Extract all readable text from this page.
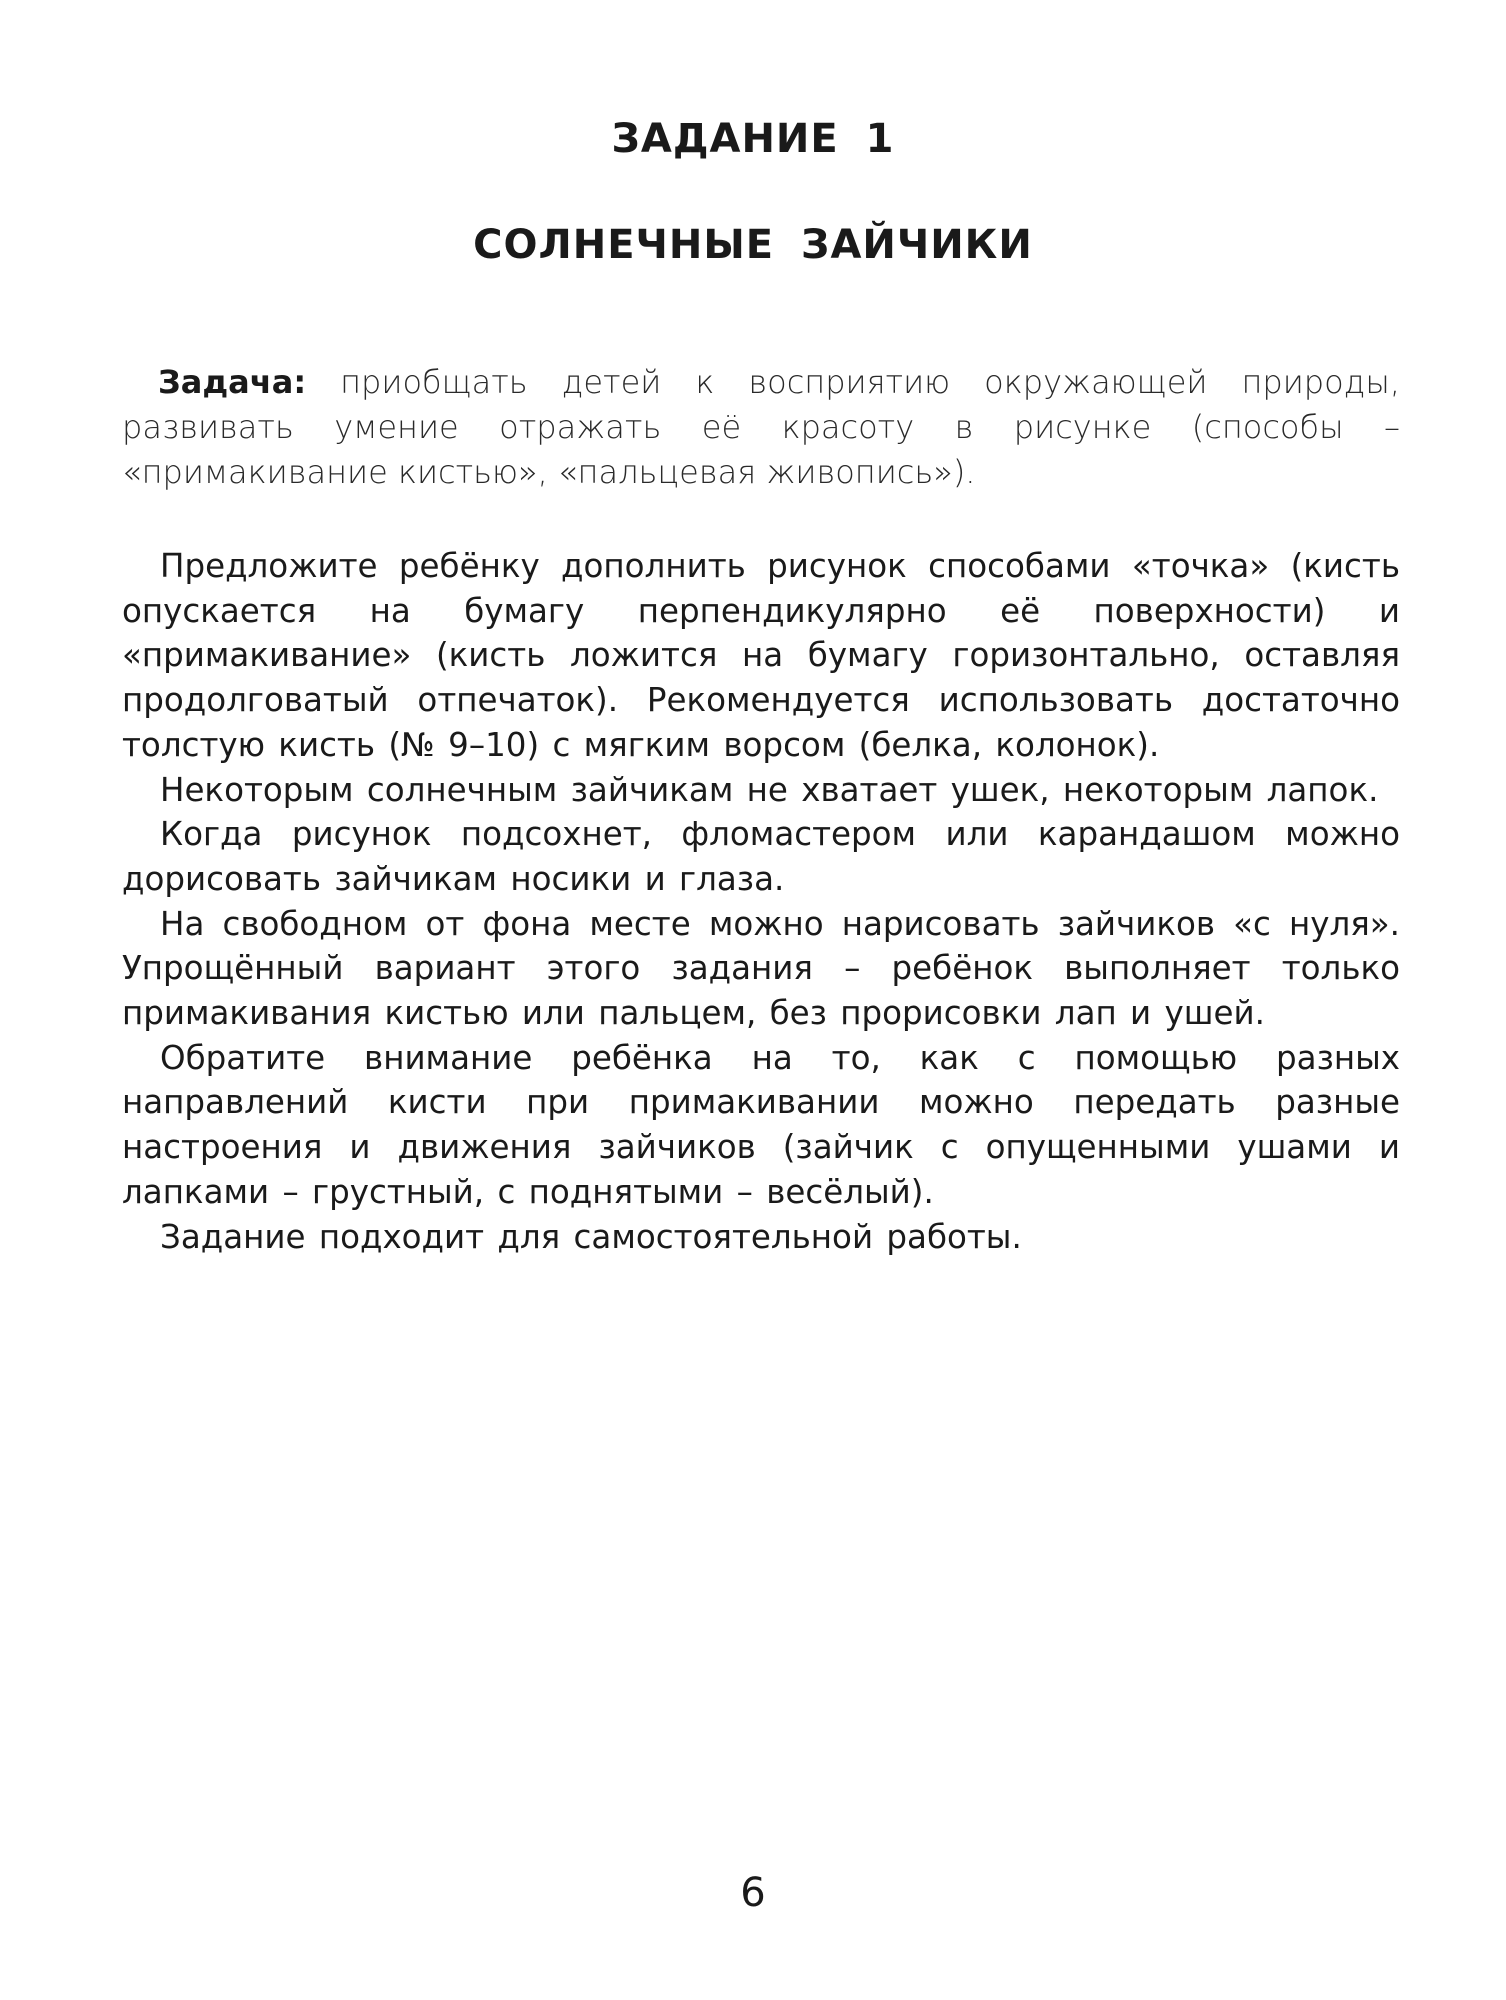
ЗАДАНИЕ 1
СОЛНЕЧНЫЕ ЗАЙЧИКИ

Задача: приобщать детей к восприятию окружающей природы, развивать умение отражать её красоту в рисунке (способы – «примакивание кистью», «пальцевая живопись»).

Предложите ребёнку дополнить рисунок способами «точка» (кисть опускается на бумагу перпендикулярно её поверхности) и «примакивание» (кисть ложится на бумагу горизонтально, оставляя продолговатый отпечаток). Рекомендуется использовать достаточно толстую кисть (№ 9–10) с мягким ворсом (белка, колонок).

Некоторым солнечным зайчикам не хватает ушек, некоторым лапок.

Когда рисунок подсохнет, фломастером или карандашом можно дорисовать зайчикам носики и глаза.

На свободном от фона месте можно нарисовать зайчиков «с нуля». Упрощённый вариант этого задания – ребёнок выполняет только примакивания кистью или пальцем, без прорисовки лап и ушей.

Обратите внимание ребёнка на то, как с помощью разных направлений кисти при примакивании можно передать разные настроения и движения зайчиков (зайчик с опущенными ушами и лапками – грустный, с поднятыми – весёлый).

Задание подходит для самостоятельной работы.

6
